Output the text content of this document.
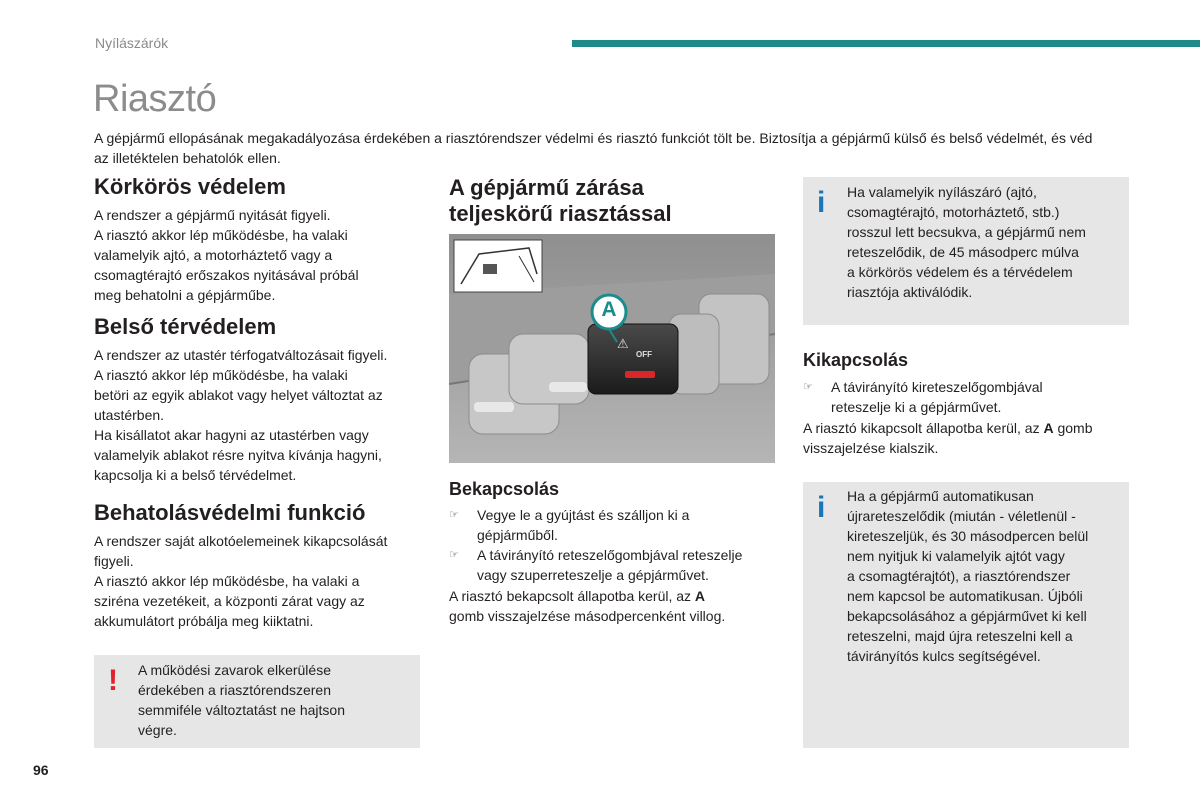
Nyílászárók
Riasztó
A gépjármű ellopásának megakadályozása érdekében a riasztórendszer védelmi és riasztó funkciót tölt be. Biztosítja a gépjármű külső és belső védelmét, és véd az illetéktelen behatolók ellen.
Körkörös védelem

A rendszer a gépjármű nyitását figyeli.

A riasztó akkor lép működésbe, ha valaki

valamelyik ajtó, a motorháztető vagy a

csomagtérajtó erőszakos nyitásával próbál

meg behatolni a gépjárműbe.

Belső térvédelem

A rendszer az utastér térfogatváltozásait figyeli.

A riasztó akkor lép működésbe, ha valaki

betöri az egyik ablakot vagy helyet változtat az

utastérben.

Ha kisállatot akar hagyni az utastérben vagy

valamelyik ablakot résre nyitva kívánja hagyni,

kapcsolja ki a belső térvédelmet.

Behatolásvédelmi funkció

A rendszer saját alkotóelemeinek kikapcsolását

figyeli.

A riasztó akkor lép működésbe, ha valaki a

sziréna vezetékeit, a központi zárat vagy az

akkumulátort próbálja meg kiiktatni.

! A működési zavarok elkerülése

érdekében a riasztórendszeren

semmiféle változtatást ne hajtson

végre.

A gépjármű zárása
teljeskörű riasztással
A
⚠
OFF
Bekapcsolás
☞ Vegye le a gyújtást és szálljon ki a
gépjárműből.
☞ A távirányító reteszelőgombjával reteszelje
vagy szuperreteszelje a gépjárművet.

A riasztó bekapcsolt állapotba kerül, az A

gomb visszajelzése másodpercenként villog.

i Ha valamelyik nyílászáró (ajtó,

csomagtérajtó, motorháztető, stb.)

rosszul lett becsukva, a gépjármű nem

reteszelődik, de 45 másodperc múlva

a körkörös védelem és a térvédelem

riasztója aktiválódik.

Kikapcsolás
☞ A távirányító kireteszelőgombjával
reteszelje ki a gépjárművet.

A riasztó kikapcsolt állapotba kerül, az A gomb

visszajelzése kialszik.

i Ha a gépjármű automatikusan

újrareteszelődik (miután - véletlenül -

kireteszeljük, és 30 másodpercen belül

nem nyitjuk ki valamelyik ajtót vagy

a csomagtérajtót), a riasztórendszer

nem kapcsol be automatikusan. Újbóli

bekapcsolásához a gépjárművet ki kell

reteszelni, majd újra reteszelni kell a

távirányítós kulcs segítségével.

96
